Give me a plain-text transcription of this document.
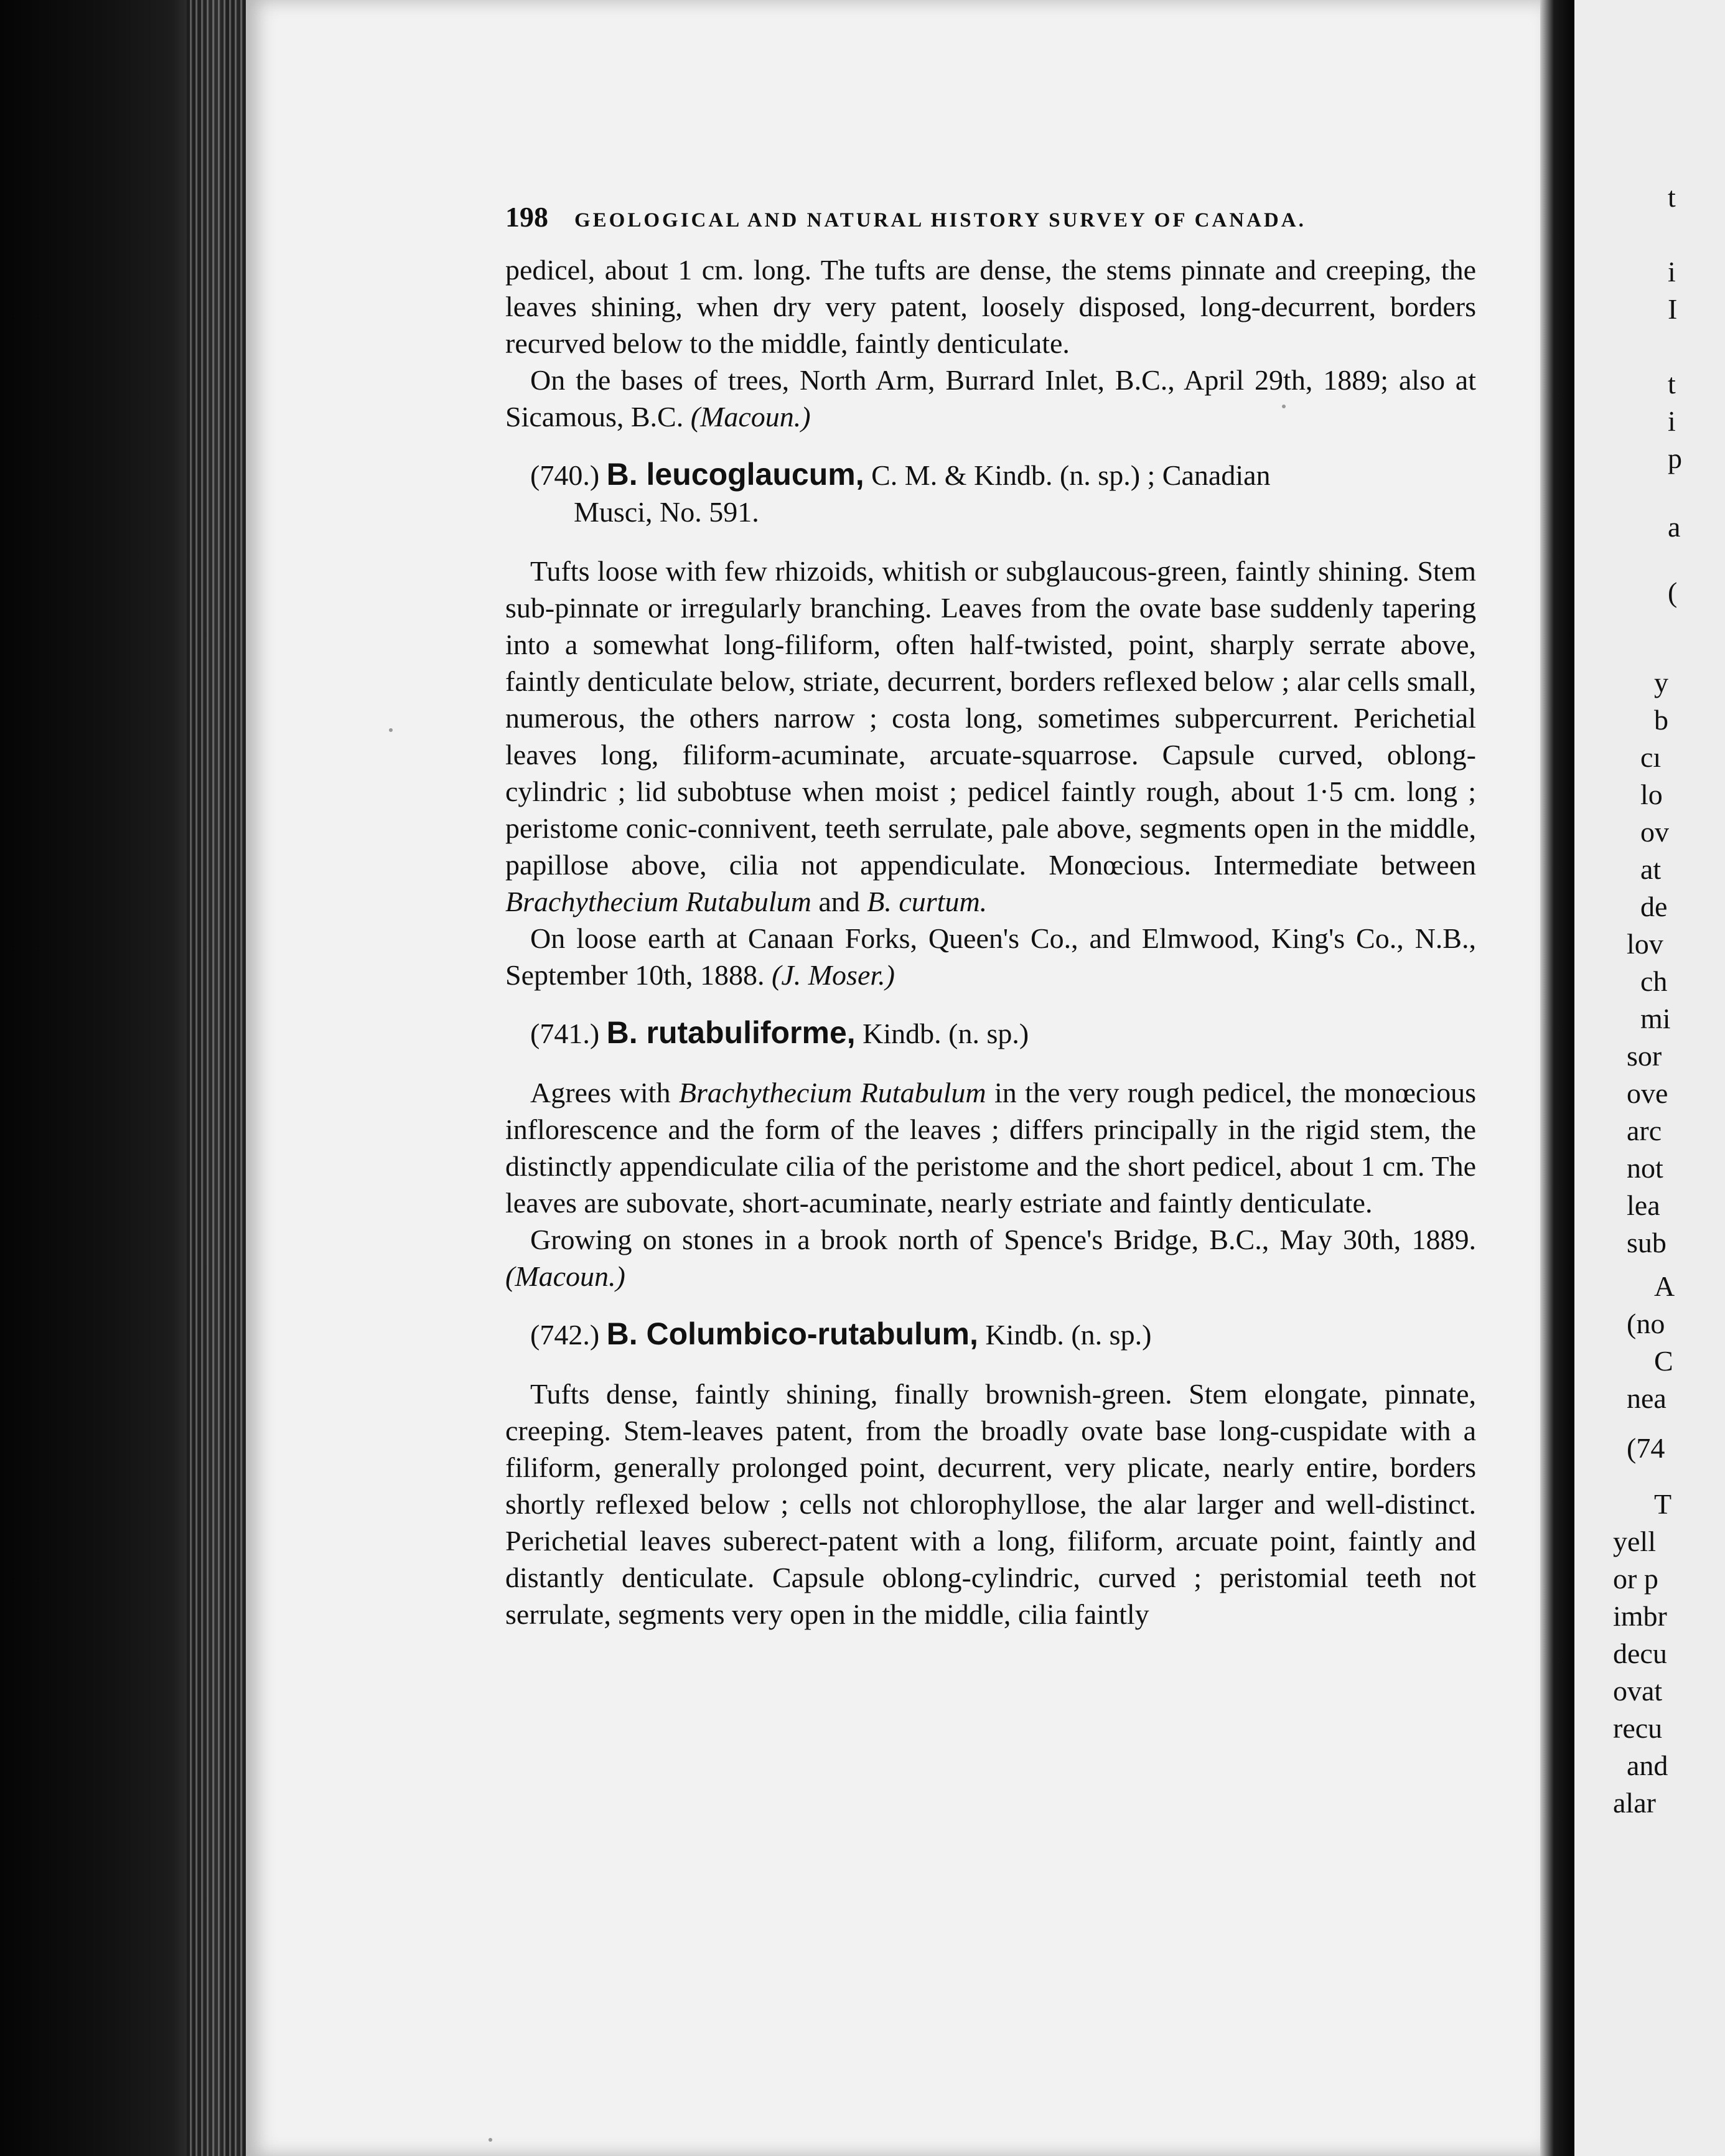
198 GEOLOGICAL AND NATURAL HISTORY SURVEY OF CANADA.

pedicel, about 1 cm. long. The tufts are dense, the stems pinnate and creeping, the leaves shining, when dry very patent, loosely disposed, long-decurrent, borders recurved below to the middle, faintly denticulate.

On the bases of trees, North Arm, Burrard Inlet, B.C., April 29th, 1889; also at Sicamous, B.C. (Macoun.)

(740.) B. leucoglaucum, C. M. & Kindb. (n. sp.) ; Canadian
Musci, No. 591.

Tufts loose with few rhizoids, whitish or subglaucous-green, faintly shining. Stem sub-pinnate or irregularly branching. Leaves from the ovate base suddenly tapering into a somewhat long-filiform, often half-twisted, point, sharply serrate above, faintly denticulate below, striate, decurrent, borders reflexed below ; alar cells small, numerous, the others narrow ; costa long, sometimes subpercurrent. Perichetial leaves long, filiform-acuminate, arcuate-squarrose. Capsule curved, oblong-cylindric ; lid subobtuse when moist ; pedicel faintly rough, about 1·5 cm. long ; peristome conic-connivent, teeth serrulate, pale above, segments open in the middle, papillose above, cilia not appendiculate. Monœcious. Intermediate between Brachythecium Rutabulum and B. curtum.

On loose earth at Canaan Forks, Queen's Co., and Elmwood, King's Co., N.B., September 10th, 1888. (J. Moser.)

(741.) B. rutabuliforme, Kindb. (n. sp.)

Agrees with Brachythecium Rutabulum in the very rough pedicel, the monœcious inflorescence and the form of the leaves ; differs principally in the rigid stem, the distinctly appendiculate cilia of the peristome and the short pedicel, about 1 cm. The leaves are subovate, short-acuminate, nearly estriate and faintly denticulate.

Growing on stones in a brook north of Spence's Bridge, B.C., May 30th, 1889. (Macoun.)

(742.) B. Columbico-rutabulum, Kindb. (n. sp.)

Tufts dense, faintly shining, finally brownish-green. Stem elongate, pinnate, creeping. Stem-leaves patent, from the broadly ovate base long-cuspidate with a filiform, generally prolonged point, decurrent, very plicate, nearly entire, borders shortly reflexed below ; cells not chlorophyllose, the alar larger and well-distinct. Perichetial leaves suberect-patent with a long, filiform, arcuate point, faintly and distantly denticulate. Capsule oblong-cylindric, curved ; peristomial teeth not serrulate, segments very open in the middle, cilia faintly

t
i
I
t
i
p
a
(
y
b
cı
lo
ov
at
de
lov
ch
mi
sor
ove
arc
not
lea
sub
A
(no
C
nea
(74
T
yell
or p
imbr
decu
ovat
recu
and
alar
